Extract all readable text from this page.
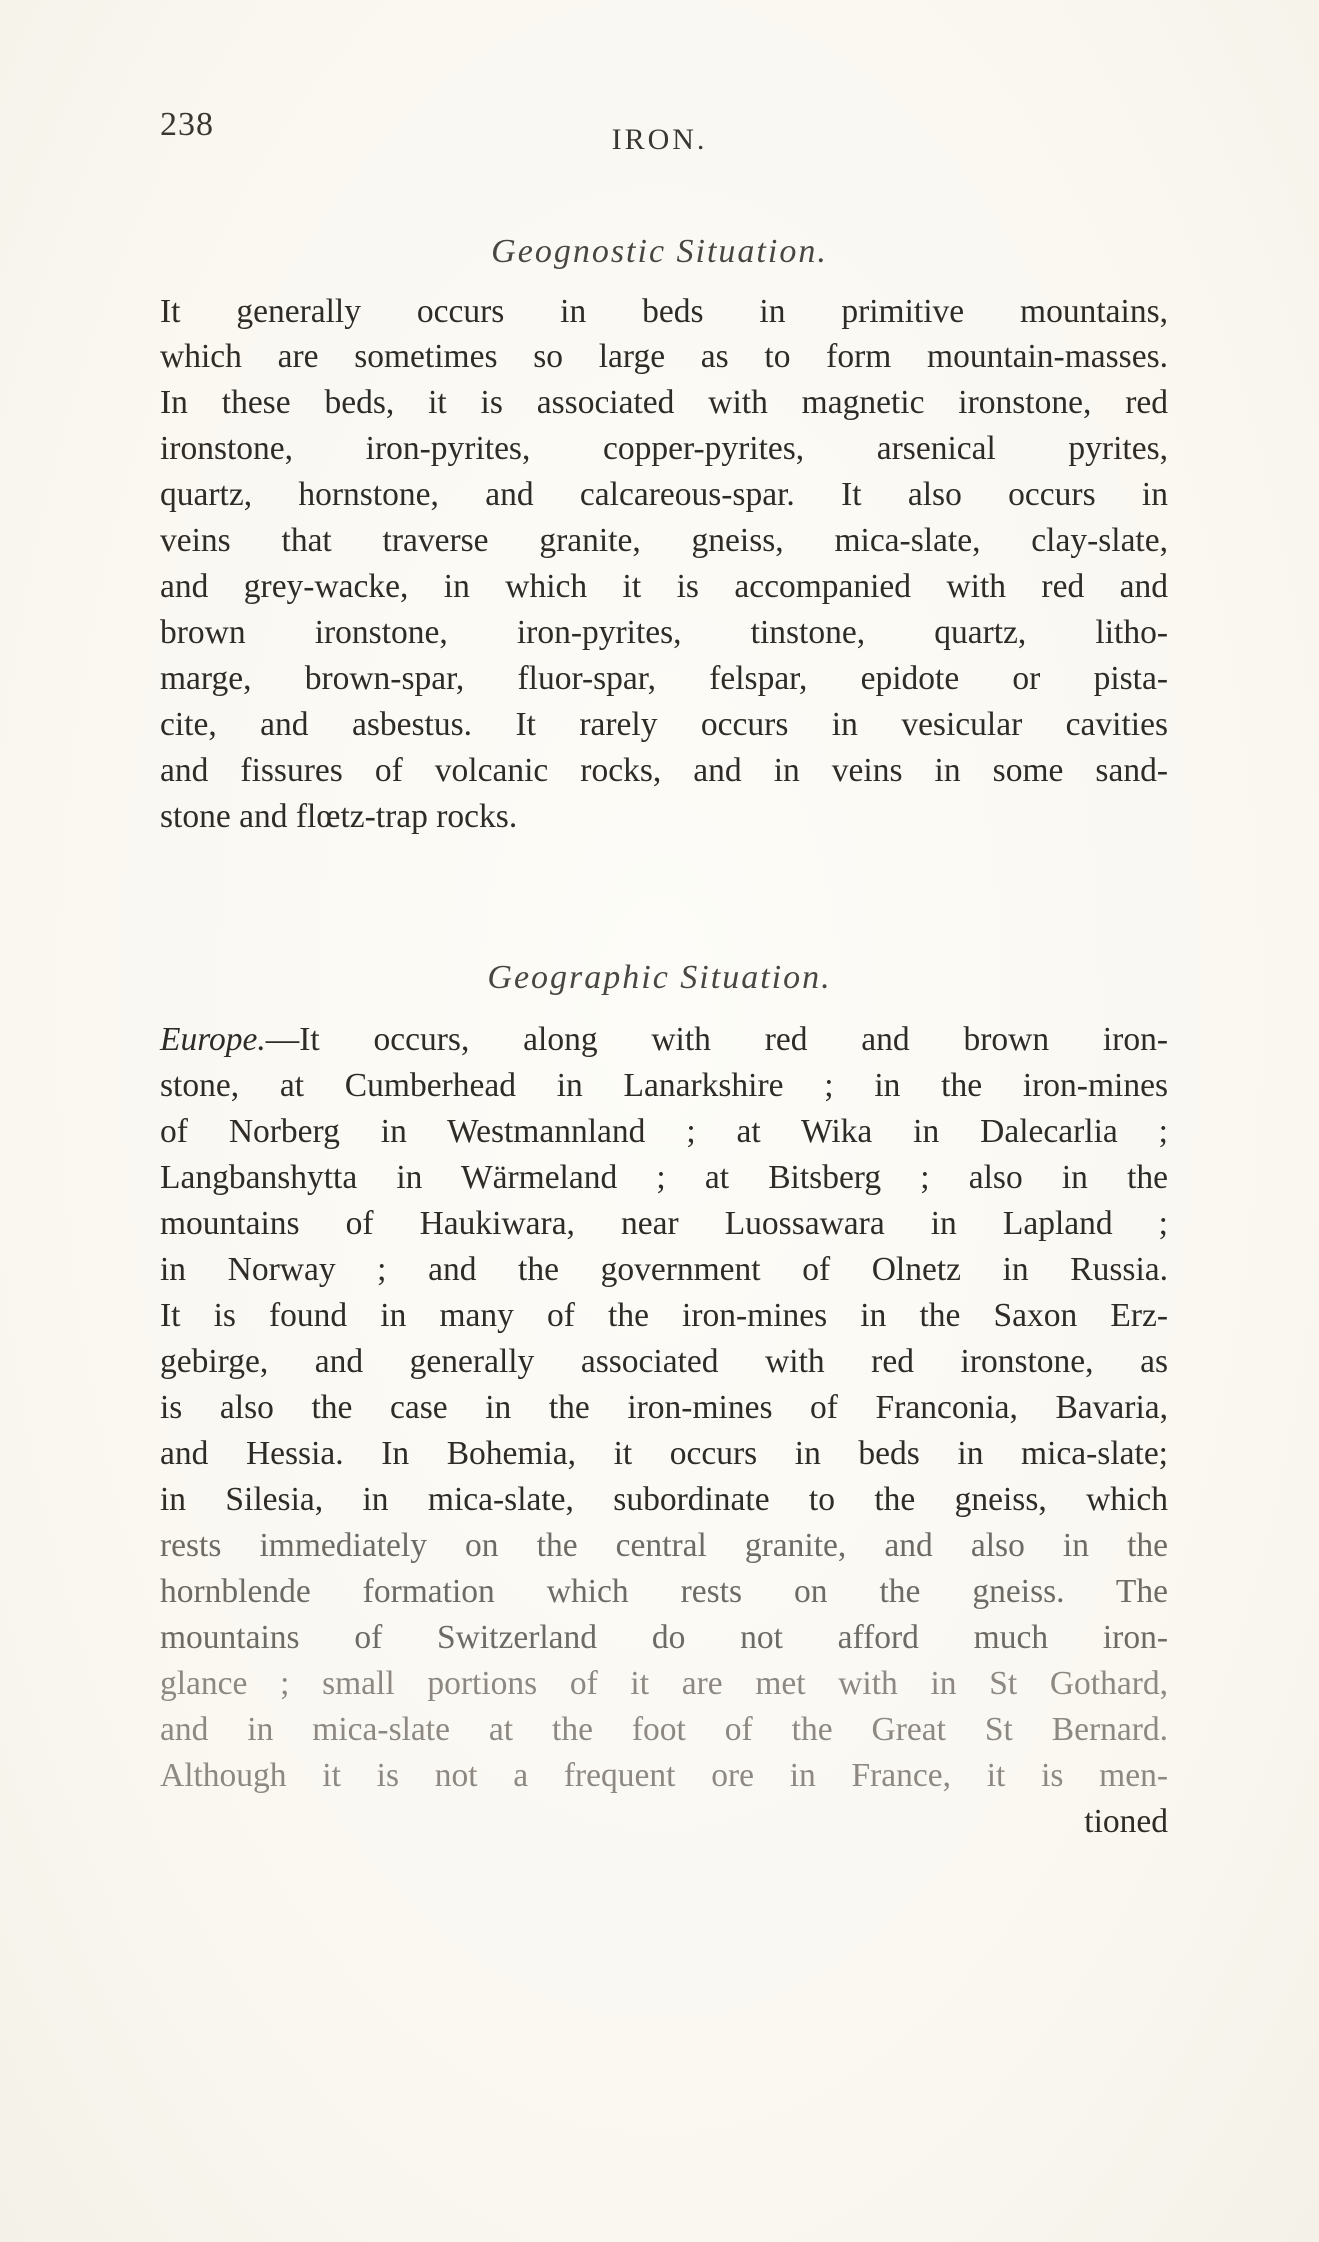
238	IRON.
Geognostic Situation.
It generally occurs in beds in primitive mountains,
which are sometimes so large as to form mountain-masses.
In these beds, it is associated with magnetic ironstone, red
ironstone, iron-pyrites, copper-pyrites, arsenical pyrites,
quartz, hornstone, and calcareous-spar. It also occurs in
veins that traverse granite, gneiss, mica-slate, clay-slate,
and grey-wacke, in which it is accompanied with red and
brown ironstone, iron-pyrites, tinstone, quartz, litho-
marge, brown-spar, fluor-spar, felspar, epidote or pista-
cite, and asbestus. It rarely occurs in vesicular cavities
and fissures of volcanic rocks, and in veins in some sand-
stone and flœtz-trap rocks.
Geographic Situation.
Europe.—It occurs, along with red and brown iron-
stone, at Cumberhead in Lanarkshire ; in the iron-mines
of Norberg in Westmannland ; at Wika in Dalecarlia ;
Langbanshytta in Wärmeland ; at Bitsberg ; also in the
mountains of Haukiwara, near Luossawara in Lapland ;
in Norway ; and the government of Olnetz in Russia.
It is found in many of the iron-mines in the Saxon Erz-
gebirge, and generally associated with red ironstone, as
is also the case in the iron-mines of Franconia, Bavaria,
and Hessia. In Bohemia, it occurs in beds in mica-slate;
in Silesia, in mica-slate, subordinate to the gneiss, which
rests immediately on the central granite, and also in the
hornblende formation which rests on the gneiss. The
mountains of Switzerland do not afford much iron-
glance ; small portions of it are met with in St Gothard,
and in mica-slate at the foot of the Great St Bernard.
Although it is not a frequent ore in France, it is men-
tioned
